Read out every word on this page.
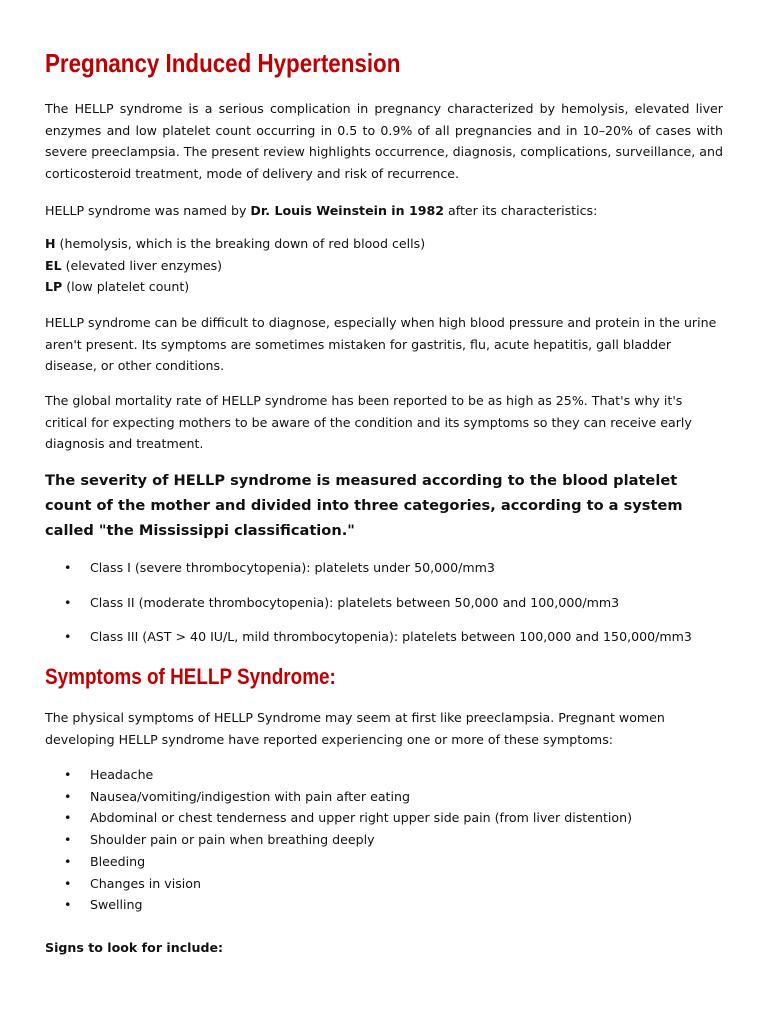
Pregnancy Induced Hypertension

The HELLP syndrome is a serious complication in pregnancy characterized by hemolysis, elevated liver enzymes and low platelet count occurring in 0.5 to 0.9% of all pregnancies and in 10–20% of cases with severe preeclampsia. The present review highlights occurrence, diagnosis, complications, surveillance, and corticosteroid treatment, mode of delivery and risk of recurrence.

HELLP syndrome was named by Dr. Louis Weinstein in 1982 after its characteristics:

H (hemolysis, which is the breaking down of red blood cells)

EL (elevated liver enzymes)

LP (low platelet count)

HELLP syndrome can be difficult to diagnose, especially when high blood pressure and protein in the urine aren't present. Its symptoms are sometimes mistaken for gastritis, flu, acute hepatitis, gall bladder disease, or other conditions.

The global mortality rate of HELLP syndrome has been reported to be as high as 25%. That's why it's critical for expecting mothers to be aware of the condition and its symptoms so they can receive early diagnosis and treatment.

The severity of HELLP syndrome is measured according to the blood platelet count of the mother and divided into three categories, according to a system called "the Mississippi classification."

• Class I (severe thrombocytopenia): platelets under 50,000/mm3
• Class II (moderate thrombocytopenia): platelets between 50,000 and 100,000/mm3
• Class III (AST > 40 IU/L, mild thrombocytopenia): platelets between 100,000 and 150,000/mm3
Symptoms of HELLP Syndrome:

The physical symptoms of HELLP Syndrome may seem at first like preeclampsia. Pregnant women developing HELLP syndrome have reported experiencing one or more of these symptoms:

• Headache
• Nausea/vomiting/indigestion with pain after eating
• Abdominal or chest tenderness and upper right upper side pain (from liver distention)
• Shoulder pain or pain when breathing deeply
• Bleeding
• Changes in vision
• Swelling

Signs to look for include:
